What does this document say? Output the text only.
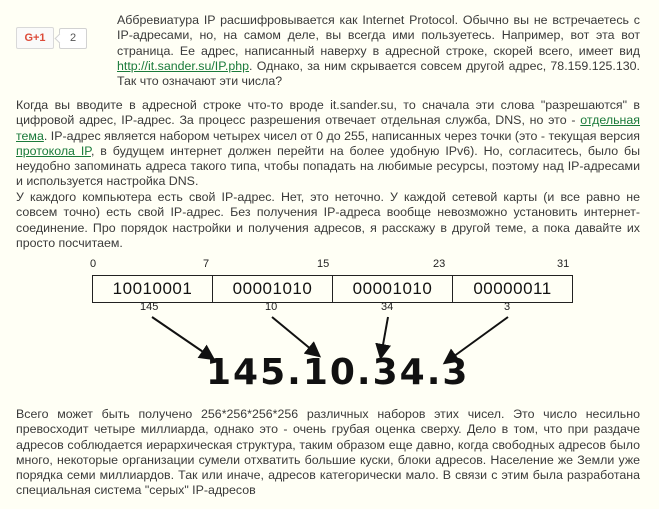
G+1	2

Аббревиатура IP расшифровывается как Internet Protocol. Обычно вы не встречаетесь с IP-адресами, но, на самом деле, вы всегда ими пользуетесь. Например, вот эта вот страница. Ее адрес, написанный наверху в адресной строке, скорей всего, имеет вид http://it.sander.su/IP.php. Однако, за ним скрывается совсем другой адрес, 78.159.125.130. Так что означают эти числа?

Когда вы вводите в адресной строке что-то вроде it.sander.su, то сначала эти слова "разрешаются" в цифровой адрес, IP-адрес. За процесс разрешения отвечает отдельная служба, DNS, но это - отдельная тема. IP-адрес является набором четырех чисел от 0 до 255, написанных через точки (это - текущая версия протокола IP, в будущем интернет должен перейти на более удобную IPv6). Но, согласитесь, было бы неудобно запоминать адреса такого типа, чтобы попадать на любимые ресурсы, поэтому над IP-адресами и используется настройка DNS.

У каждого компьютера есть свой IP-адрес. Нет, это неточно. У каждой сетевой карты (и все равно не совсем точно) есть свой IP-адрес. Без получения IP-адреса вообще невозможно установить интернет-соединение. Про порядок настройки и получения адресов, я расскажу в другой теме, а пока давайте их просто посчитаем.

0	7	15	23	31
10010001	00001010	00001010	00000011
145	10	34	3
145.10.34.3

Всего может быть получено 256*256*256*256 различных наборов этих чисел. Это число несильно превосходит четыре миллиарда, однако это - очень грубая оценка сверху. Дело в том, что при раздаче адресов соблюдается иерархическая структура, таким образом еще давно, когда свободных адресов было много, некоторые организации сумели отхватить большие куски, блоки адресов. Население же Земли уже порядка семи миллиардов. Так или иначе, адресов категорически мало. В связи с этим была разработана специальная система "серых" IP-адресов
